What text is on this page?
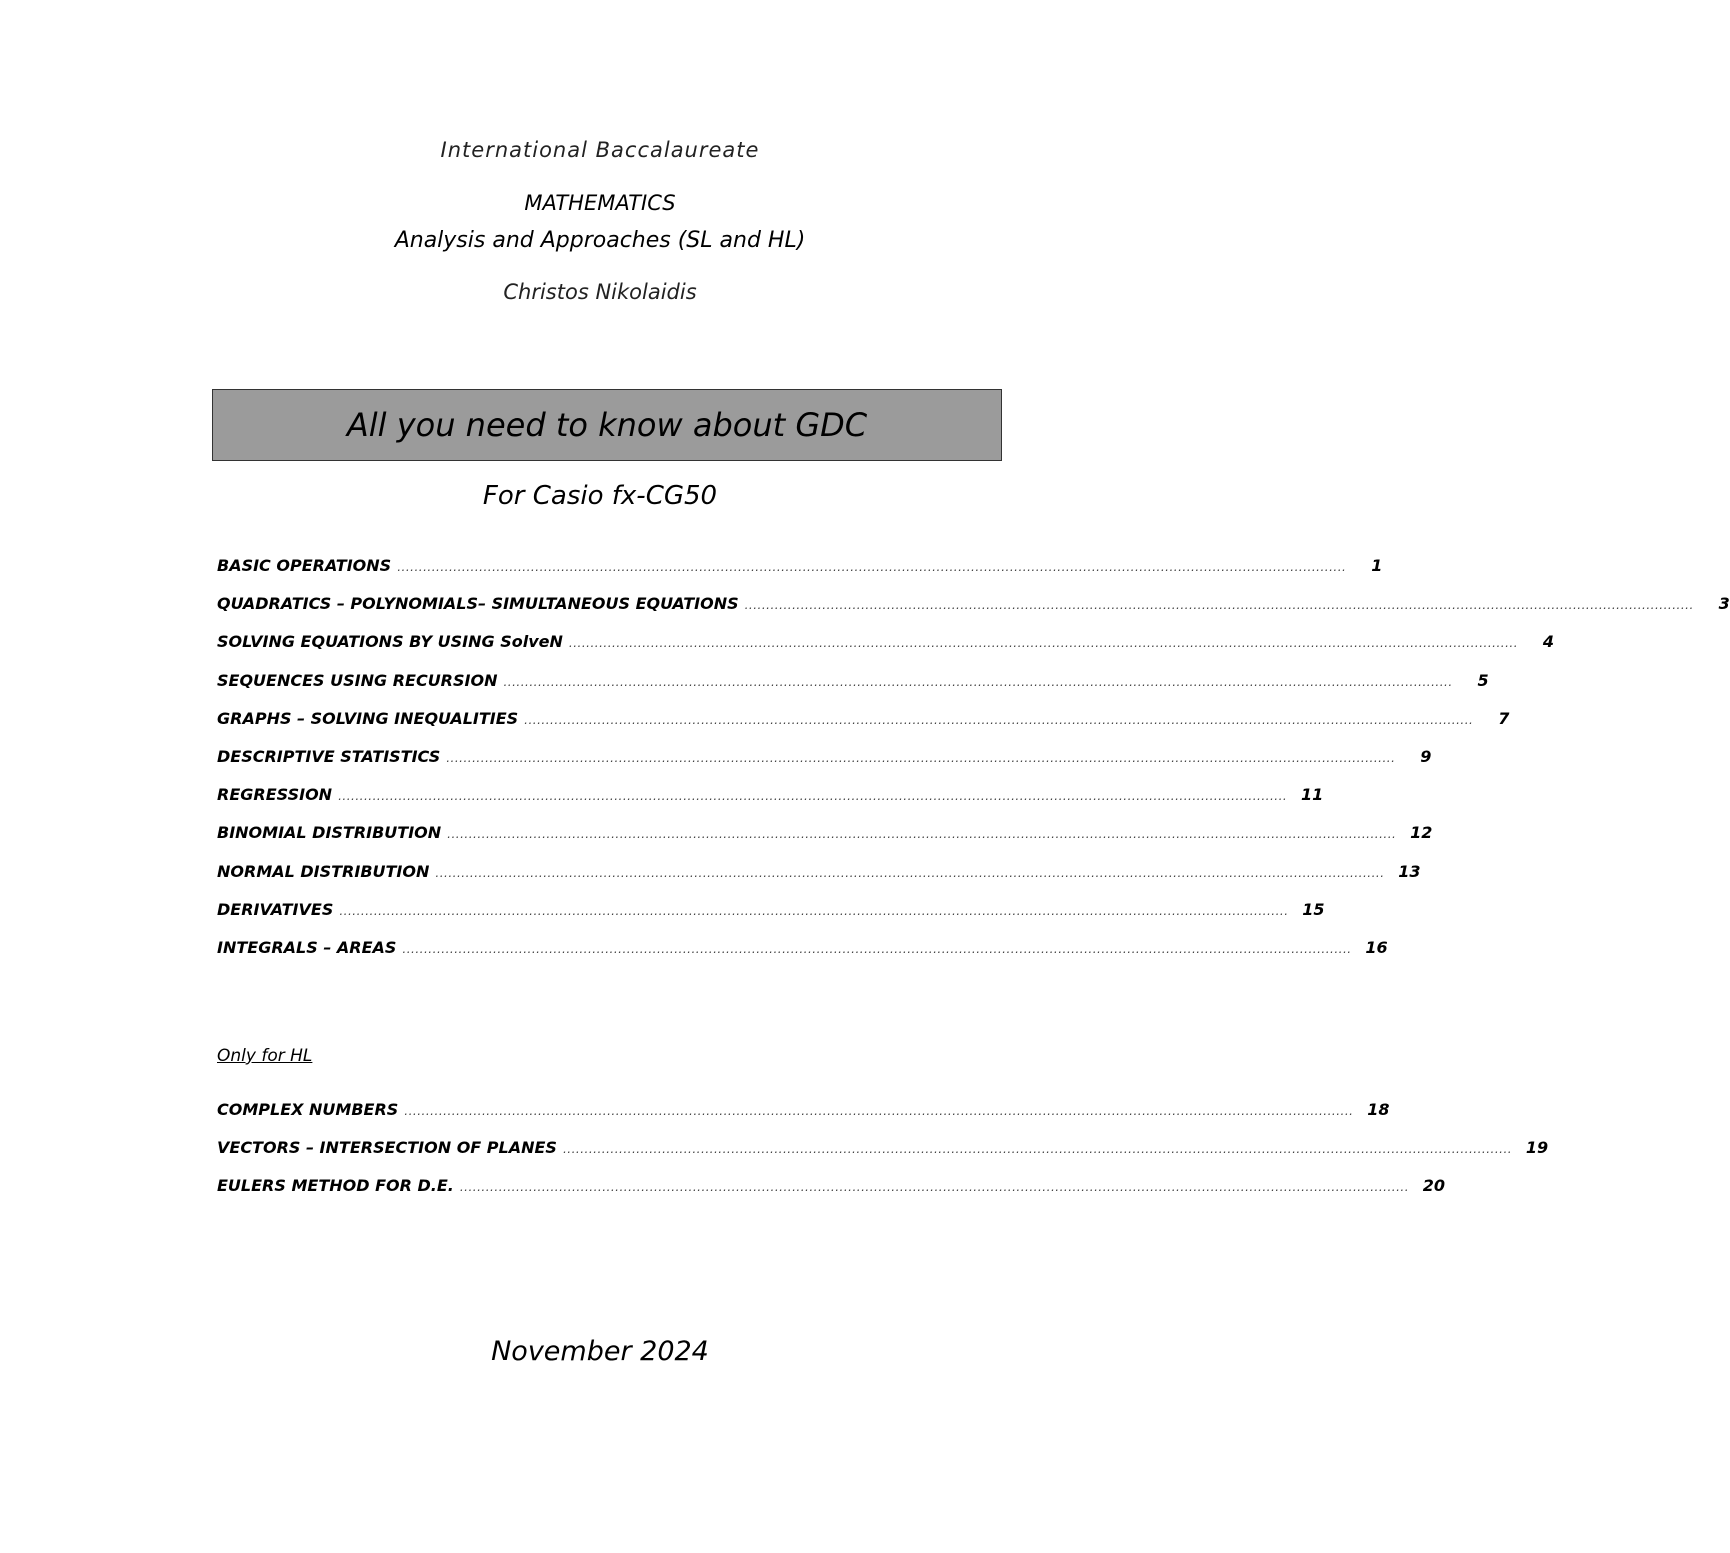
International Baccalaureate
MATHEMATICS
Analysis and Approaches (SL and HL)
Christos Nikolaidis
All you need to know about GDC
For Casio fx-CG50
BASIC OPERATIONS ............................................................................................................................................................................................................................	1
QUADRATICS – POLYNOMIALS– SIMULTANEOUS EQUATIONS ............................................................................................................................................................................................................................	3
SOLVING EQUATIONS BY USING SolveN ............................................................................................................................................................................................................................	4
SEQUENCES USING RECURSION ............................................................................................................................................................................................................................	5
GRAPHS – SOLVING INEQUALITIES ............................................................................................................................................................................................................................	7
DESCRIPTIVE STATISTICS ............................................................................................................................................................................................................................	9
REGRESSION ............................................................................................................................................................................................................................ 11
BINOMIAL DISTRIBUTION ............................................................................................................................................................................................................................ 12
NORMAL DISTRIBUTION ............................................................................................................................................................................................................................ 13
DERIVATIVES ............................................................................................................................................................................................................................ 15
INTEGRALS – AREAS ............................................................................................................................................................................................................................ 16
Only for HL
COMPLEX NUMBERS ............................................................................................................................................................................................................................ 18
VECTORS – INTERSECTION OF PLANES ............................................................................................................................................................................................................................ 19
EULERS METHOD FOR D.E. ............................................................................................................................................................................................................................ 20
November 2024
